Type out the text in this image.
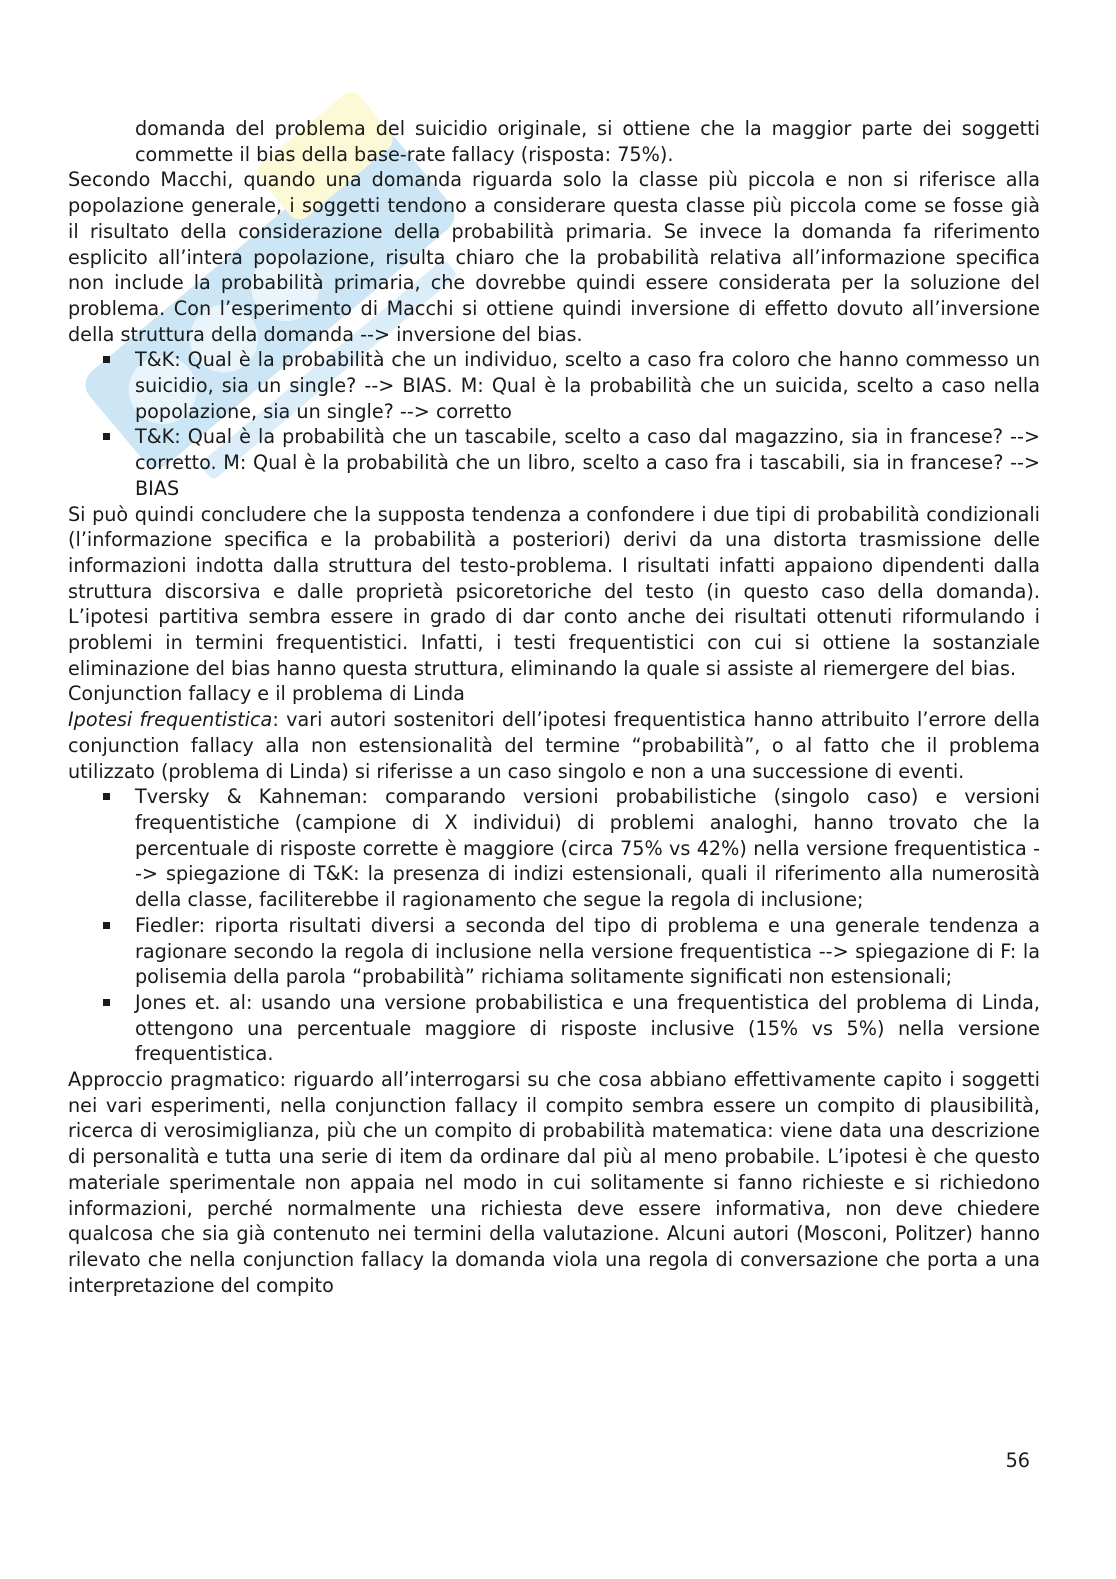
domanda del problema del suicidio originale, si ottiene che la maggior parte dei soggetti commette il bias della base-rate fallacy (risposta: 75%).

Secondo Macchi, quando una domanda riguarda solo la classe più piccola e non si riferisce alla popolazione generale, i soggetti tendono a considerare questa classe più piccola come se fosse già il risultato della considerazione della probabilità primaria. Se invece la domanda fa riferimento esplicito all’intera popolazione, risulta chiaro che la probabilità relativa all’informazione specifica non include la probabilità primaria, che dovrebbe quindi essere considerata per la soluzione del problema. Con l’esperimento di Macchi si ottiene quindi inversione di effetto dovuto all’inversione della struttura della domanda --> inversione del bias.

T&K: Qual è la probabilità che un individuo, scelto a caso fra coloro che hanno commesso un suicidio, sia un single? --> BIAS. M: Qual è la probabilità che un suicida, scelto a caso nella popolazione, sia un single? --> corretto
T&K: Qual è la probabilità che un tascabile, scelto a caso dal magazzino, sia in francese? --> corretto. M: Qual è la probabilità che un libro, scelto a caso fra i tascabili, sia in francese? --> BIAS

Si può quindi concludere che la supposta tendenza a confondere i due tipi di probabilità condizionali (l’informazione specifica e la probabilità a posteriori) derivi da una distorta trasmissione delle informazioni indotta dalla struttura del testo-problema. I risultati infatti appaiono dipendenti dalla struttura discorsiva e dalle proprietà psicoretoriche del testo (in questo caso della domanda). L’ipotesi partitiva sembra essere in grado di dar conto anche dei risultati ottenuti riformulando i problemi in termini frequentistici. Infatti, i testi frequentistici con cui si ottiene la sostanziale eliminazione del bias hanno questa struttura, eliminando la quale si assiste al riemergere del bias.

Conjunction fallacy e il problema di Linda

Ipotesi frequentistica: vari autori sostenitori dell’ipotesi frequentistica hanno attribuito l’errore della conjunction fallacy alla non estensionalità del termine “probabilità”, o al fatto che il problema utilizzato (problema di Linda) si riferisse a un caso singolo e non a una successione di eventi.

Tversky & Kahneman: comparando versioni probabilistiche (singolo caso) e versioni frequentistiche (campione di X individui) di problemi analoghi, hanno trovato che la percentuale di risposte corrette è maggiore (circa 75% vs 42%) nella versione frequentistica --> spiegazione di T&K: la presenza di indizi estensionali, quali il riferimento alla numerosità della classe, faciliterebbe il ragionamento che segue la regola di inclusione;
Fiedler: riporta risultati diversi a seconda del tipo di problema e una generale tendenza a ragionare secondo la regola di inclusione nella versione frequentistica --> spiegazione di F: la polisemia della parola “probabilità” richiama solitamente significati non estensionali;
Jones et. al: usando una versione probabilistica e una frequentistica del problema di Linda, ottengono una percentuale maggiore di risposte inclusive (15% vs 5%) nella versione frequentistica.

Approccio pragmatico: riguardo all’interrogarsi su che cosa abbiano effettivamente capito i soggetti nei vari esperimenti, nella conjunction fallacy il compito sembra essere un compito di plausibilità, ricerca di verosimiglianza, più che un compito di probabilità matematica: viene data una descrizione di personalità e tutta una serie di item da ordinare dal più al meno probabile. L’ipotesi è che questo materiale sperimentale non appaia nel modo in cui solitamente si fanno richieste e si richiedono informazioni, perché normalmente una richiesta deve essere informativa, non deve chiedere qualcosa che sia già contenuto nei termini della valutazione. Alcuni autori (Mosconi, Politzer) hanno rilevato che nella conjunction fallacy la domanda viola una regola di conversazione che porta a una interpretazione del compito

56
